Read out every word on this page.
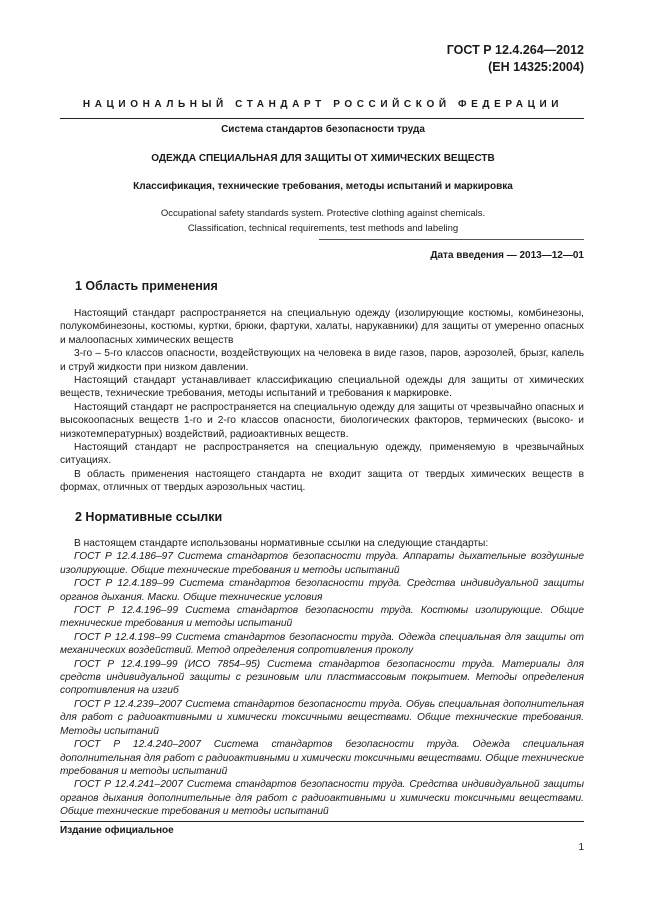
ГОСТ Р 12.4.264—2012
(ЕН 14325:2004)
НАЦИОНАЛЬНЫЙ СТАНДАРТ РОССИЙСКОЙ ФЕДЕРАЦИИ
Система стандартов безопасности труда
ОДЕЖДА СПЕЦИАЛЬНАЯ ДЛЯ ЗАЩИТЫ ОТ ХИМИЧЕСКИХ ВЕЩЕСТВ
Классификация, технические требования, методы испытаний и маркировка
Occupational safety standards system. Protective clothing against chemicals.
Classification, technical requirements, test methods and labeling
Дата введения — 2013—12—01
1 Область применения

Настоящий стандарт распространяется на специальную одежду (изолирующие костюмы, комбинезоны, полукомбинезоны, костюмы, куртки, брюки, фартуки, халаты, нарукавники) для защиты от умеренно опасных и малоопасных химических веществ

3-го – 5-го классов опасности, воздействующих на человека в виде газов, паров, аэрозолей, брызг, капель и струй жидкости при низком давлении.

Настоящий стандарт устанавливает классификацию специальной одежды для защиты от химических веществ, технические требования, методы испытаний и требования к маркировке.

Настоящий стандарт не распространяется на специальную одежду для защиты от чрезвычайно опасных и высокоопасных веществ 1-го и 2-го классов опасности, биологических факторов, термических (высоко- и низкотемпературных) воздействий, радиоактивных веществ.

Настоящий стандарт не распространяется на специальную одежду, применяемую в чрезвычайных ситуациях.

В область применения настоящего стандарта не входит защита от твердых химических веществ в формах, отличных от твердых аэрозольных частиц.

2 Нормативные ссылки

В настоящем стандарте использованы нормативные ссылки на следующие стандарты:

ГОСТ Р 12.4.186–97 Система стандартов безопасности труда. Аппараты дыхательные воздушные изолирующие. Общие технические требования и методы испытаний

ГОСТ Р 12.4.189–99 Система стандартов безопасности труда. Средства индивидуальной защиты органов дыхания. Маски. Общие технические условия

ГОСТ Р 12.4.196–99 Система стандартов безопасности труда. Костюмы изолирующие. Общие технические требования и методы испытаний

ГОСТ Р 12.4.198–99 Система стандартов безопасности труда. Одежда специальная для защиты от механических воздействий. Метод определения сопротивления проколу

ГОСТ Р 12.4.199–99 (ИСО 7854–95) Система стандартов безопасности труда. Материалы для средств индивидуальной защиты с резиновым или пластмассовым покрытием. Методы определения сопротивления на изгиб

ГОСТ Р 12.4.239–2007 Система стандартов безопасности труда. Обувь специальная дополнительная для работ с радиоактивными и химически токсичными веществами. Общие технические требования. Методы испытаний

ГОСТ Р 12.4.240–2007 Система стандартов безопасности труда. Одежда специальная дополнительная для работ с радиоактивными и химически токсичными веществами. Общие технические требования и методы испытаний

ГОСТ Р 12.4.241–2007 Система стандартов безопасности труда. Средства индивидуальной защиты органов дыхания дополнительные для работ с радиоактивными и химически токсичными веществами. Общие технические требования и методы испытаний

Издание официальное
1
